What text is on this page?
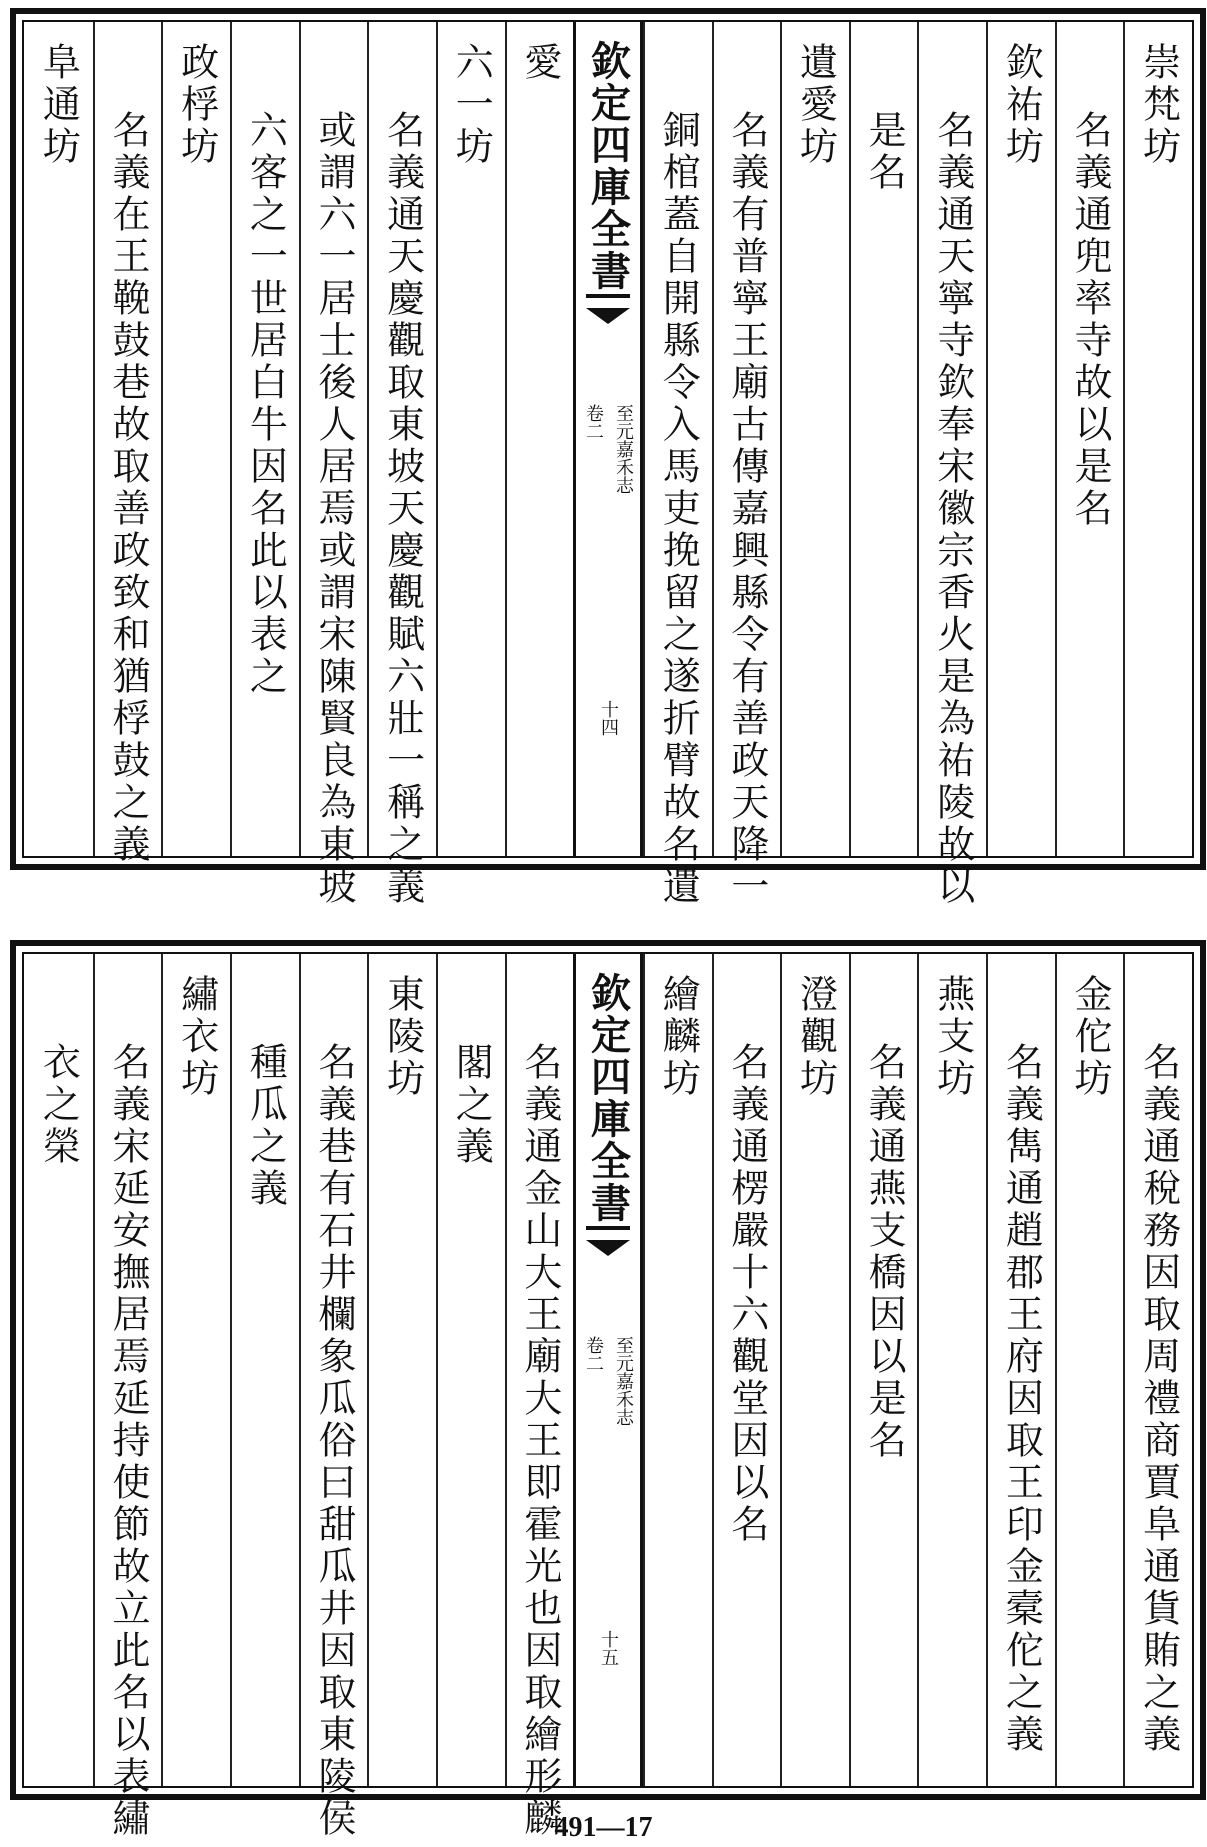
崇梵坊
名義通兜率寺故以是名
欽祐坊
名義通天寧寺欽奉宋徽宗香火是為祐陵故以
是名
遺愛坊
名義有普寧王廟古傳嘉興縣令有善政天降一
銅棺蓋自開縣令入馬吏挽留之遂折臂故名遺
欽定四庫全書
至元嘉禾志
卷二
十四
愛
六一坊
名義通天慶觀取東坡天慶觀賦六壯一稱之義
或謂六一居士後人居焉或謂宋陳賢良為東坡
六客之一世居白牛因名此以表之
政桴坊
名義在王鞔鼓巷故取善政致和猶桴鼓之義
阜通坊
名義通稅務因取周禮商賈阜通貨賄之義
金佗坊
名義雋通趙郡王府因取王印金槖佗之義
燕支坊
名義通燕支橋因以是名
澄觀坊
名義通楞嚴十六觀堂因以名
繪麟坊
欽定四庫全書
至元嘉禾志
卷二
十五
名義通金山大王廟大王即霍光也因取繪形麟
閣之義
東陵坊
名義巷有石井欄象瓜俗曰甜瓜井因取東陵侯
種瓜之義
繡衣坊
名義宋延安撫居焉延持使節故立此名以表繡
衣之榮
491—17
